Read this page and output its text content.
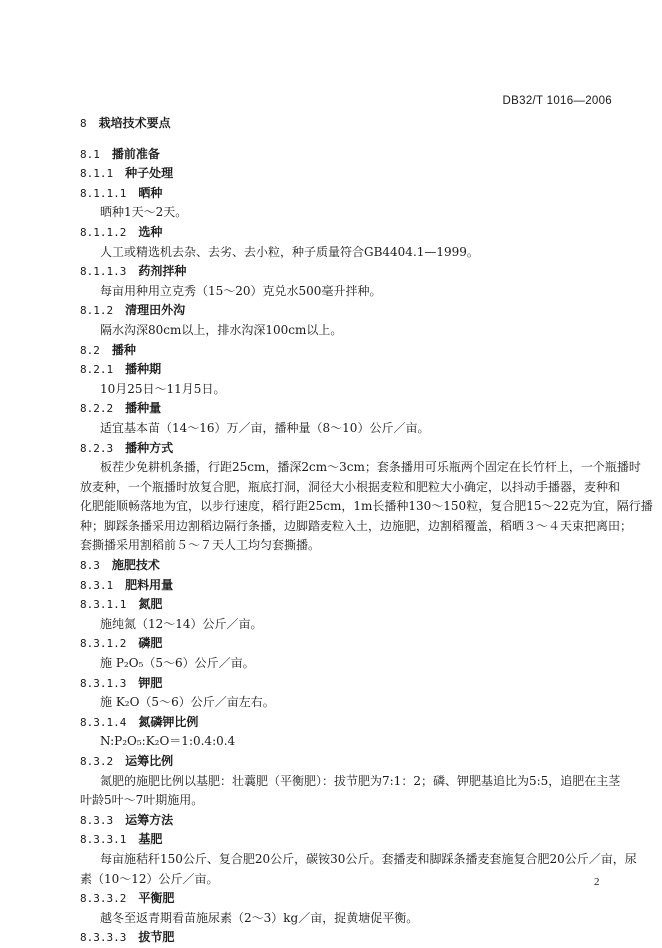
DB32/T 1016—2006
8 栽培技术要点
8.1 播前准备
8.1.1 种子处理
8.1.1.1 晒种
晒种1天～2天。
8.1.1.2 选种
人工或精选机去杂、去劣、去小粒，种子质量符合GB4404.1—1999。
8.1.1.3 药剂拌种
每亩用种用立克秀（15～20）克兑水500毫升拌种。
8.1.2 清理田外沟
隔水沟深80cm以上，排水沟深100cm以上。
8.2 播种
8.2.1 播种期
10月25日～11月5日。
8.2.2 播种量
适宜基本苗（14～16）万／亩，播种量（8～10）公斤／亩。
8.2.3 播种方式
板茬少免耕机条播，行距25cm，播深2cm～3cm；套条播用可乐瓶两个固定在长竹杆上，一个瓶播时
放麦种，一个瓶播时放复合肥，瓶底打洞，洞径大小根据麦粒和肥粒大小确定，以抖动手播器，麦种和
化肥能顺畅落地为宜，以步行速度，稻行距25cm，1m长播种130～150粒，复合肥15～22克为宜，隔行播
种；脚踩条播采用边割稻边隔行条播，边脚踏麦粒入土，边施肥，边割稻覆盖，稻晒３～４天束把离田；
套撕播采用割稻前５～７天人工均匀套撕播。
8.3 施肥技术
8.3.1 肥料用量
8.3.1.1 氮肥
施纯氮（12～14）公斤／亩。
8.3.1.2 磷肥
施 P₂O₅（5～6）公斤／亩。
8.3.1.3 钾肥
施 K₂O（5～6）公斤／亩左右。
8.3.1.4 氮磷钾比例
N:P₂O₅:K₂O＝1:0.4:0.4
8.3.2 运筹比例
氮肥的施肥比例以基肥：壮蘘肥（平衡肥）：拔节肥为7:1：2；磷、钾肥基追比为5:5，追肥在主茎
叶龄5叶～7叶期施用。
8.3.3 运筹方法
8.3.3.1 基肥
每亩施秸秆150公斤、复合肥20公斤，碳铵30公斤。套播麦和脚踩条播麦套施复合肥20公斤／亩，尿
素（10～12）公斤／亩。
8.3.3.2 平衡肥
越冬至返青期看苗施尿素（2～3）kg／亩，捉黄塘促平衡。
8.3.3.3 拔节肥
2
